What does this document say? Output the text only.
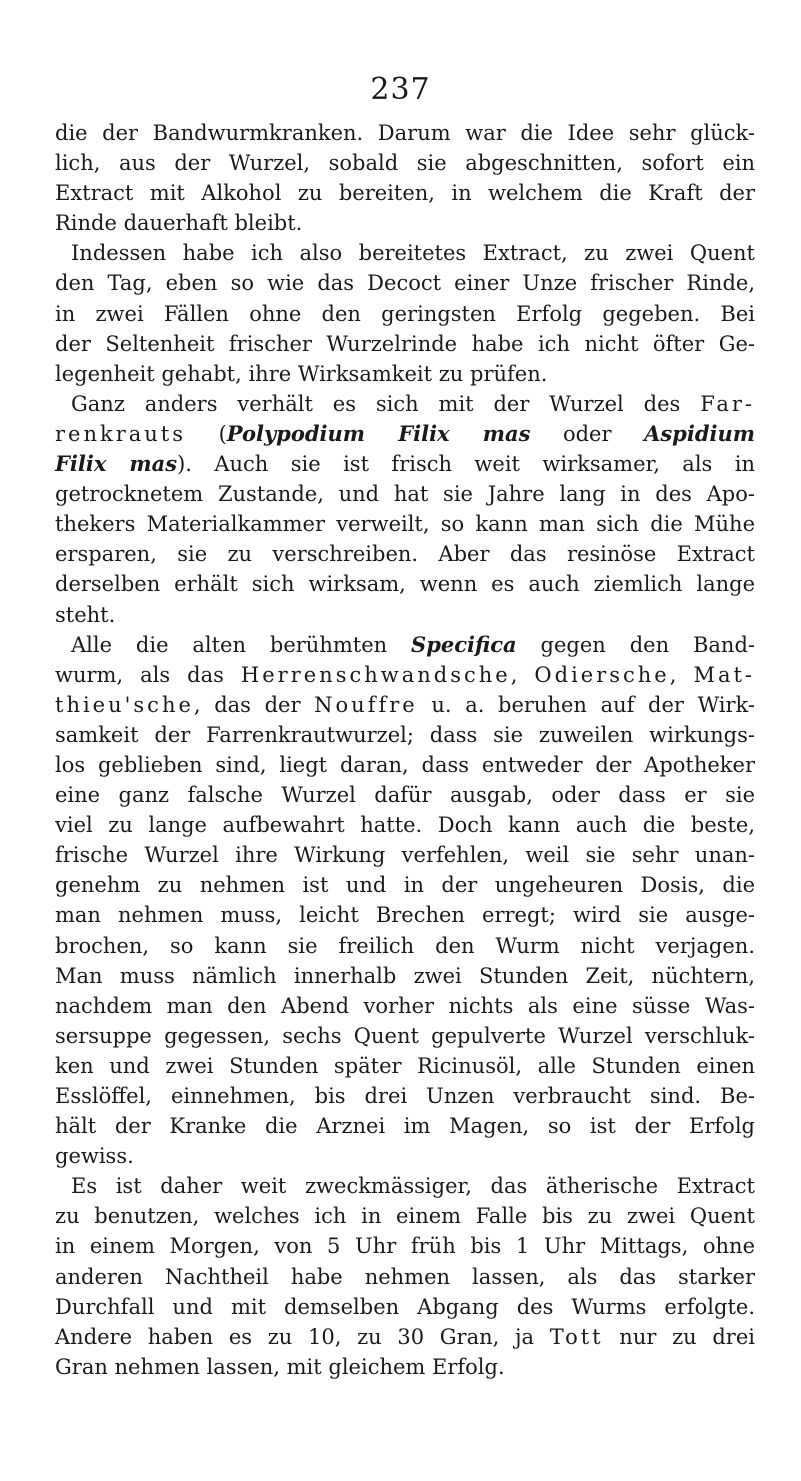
237
die der Bandwurmkranken. Darum war die Idee sehr glück-
lich, aus der Wurzel, sobald sie abgeschnitten, sofort ein
Extract mit Alkohol zu bereiten, in welchem die Kraft der
Rinde dauerhaft bleibt.
Indessen habe ich also bereitetes Extract, zu zwei Quent
den Tag, eben so wie das Decoct einer Unze frischer Rinde,
in zwei Fällen ohne den geringsten Erfolg gegeben. Bei
der Seltenheit frischer Wurzelrinde habe ich nicht öfter Ge-
legenheit gehabt, ihre Wirksamkeit zu prüfen.
Ganz anders verhält es sich mit der Wurzel des Far-
renkrauts (Polypodium Filix mas oder Aspidium
Filix mas). Auch sie ist frisch weit wirksamer, als in
getrocknetem Zustande, und hat sie Jahre lang in des Apo-
thekers Materialkammer verweilt, so kann man sich die Mühe
ersparen, sie zu verschreiben. Aber das resinöse Extract
derselben erhält sich wirksam, wenn es auch ziemlich lange
steht.
Alle die alten berühmten Specifica gegen den Band-
wurm, als das Herrenschwandsche, Odiersche, Mat-
thieu'sche, das der Nouffre u. a. beruhen auf der Wirk-
samkeit der Farrenkrautwurzel; dass sie zuweilen wirkungs-
los geblieben sind, liegt daran, dass entweder der Apotheker
eine ganz falsche Wurzel dafür ausgab, oder dass er sie
viel zu lange aufbewahrt hatte. Doch kann auch die beste,
frische Wurzel ihre Wirkung verfehlen, weil sie sehr unan-
genehm zu nehmen ist und in der ungeheuren Dosis, die
man nehmen muss, leicht Brechen erregt; wird sie ausge-
brochen, so kann sie freilich den Wurm nicht verjagen.
Man muss nämlich innerhalb zwei Stunden Zeit, nüchtern,
nachdem man den Abend vorher nichts als eine süsse Was-
sersuppe gegessen, sechs Quent gepulverte Wurzel verschluk-
ken und zwei Stunden später Ricinusöl, alle Stunden einen
Esslöffel, einnehmen, bis drei Unzen verbraucht sind. Be-
hält der Kranke die Arznei im Magen, so ist der Erfolg
gewiss.
Es ist daher weit zweckmässiger, das ätherische Extract
zu benutzen, welches ich in einem Falle bis zu zwei Quent
in einem Morgen, von 5 Uhr früh bis 1 Uhr Mittags, ohne
anderen Nachtheil habe nehmen lassen, als das starker
Durchfall und mit demselben Abgang des Wurms erfolgte.
Andere haben es zu 10, zu 30 Gran, ja Tott nur zu drei
Gran nehmen lassen, mit gleichem Erfolg.
